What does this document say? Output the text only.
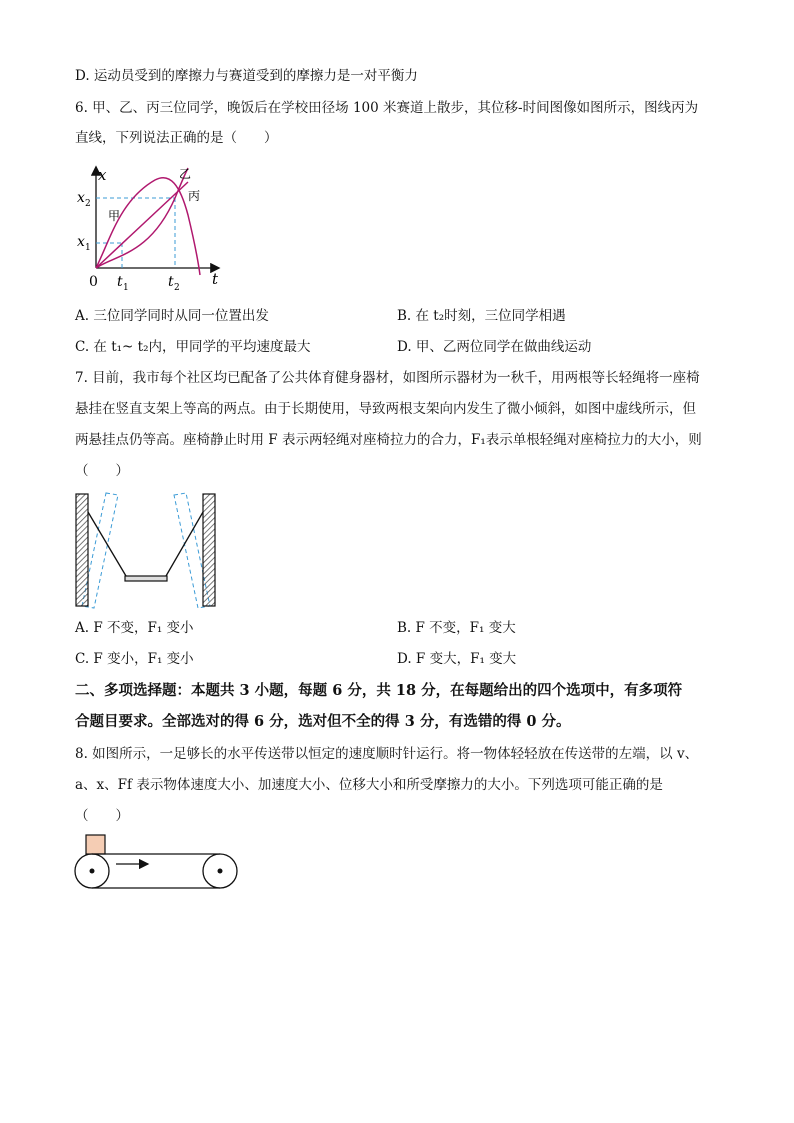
D. 运动员受到的摩擦力与赛道受到的摩擦力是一对平衡力
6. 甲、乙、丙三位同学，晚饭后在学校田径场 100 米赛道上散步，其位移-时间图像如图所示，图线丙为
直线，下列说法正确的是（　　）
x
t
0 t 1	t 2
x 1
x 2
甲
乙
丙
A. 三位同学同时从同一位置出发	B. 在 t₂时刻，三位同学相遇
C. 在 t₁~ t₂内，甲同学的平均速度最大	D. 甲、乙两位同学在做曲线运动
7. 目前，我市每个社区均已配备了公共体育健身器材，如图所示器材为一秋千，用两根等长轻绳将一座椅
悬挂在竖直支架上等高的两点。由于长期使用，导致两根支架向内发生了微小倾斜，如图中虚线所示，但
两悬挂点仍等高。座椅静止时用 F 表示两轻绳对座椅拉力的合力，F₁表示单根轻绳对座椅拉力的大小，则
（　　）
A. F 不变，F₁ 变小	B. F 不变，F₁ 变大
C. F 变小，F₁ 变小	D. F 变大，F₁ 变大
二、多项选择题：本题共 3 小题，每题 6 分，共 18 分，在每题给出的四个选项中，有多项符
合题目要求。全部选对的得 6 分，选对但不全的得 3 分，有选错的得 0 分。
8. 如图所示，一足够长的水平传送带以恒定的速度顺时针运行。将一物体轻轻放在传送带的左端，以 v、
a、x、Ff 表示物体速度大小、加速度大小、位移大小和所受摩擦力的大小。下列选项可能正确的是
（　　）
